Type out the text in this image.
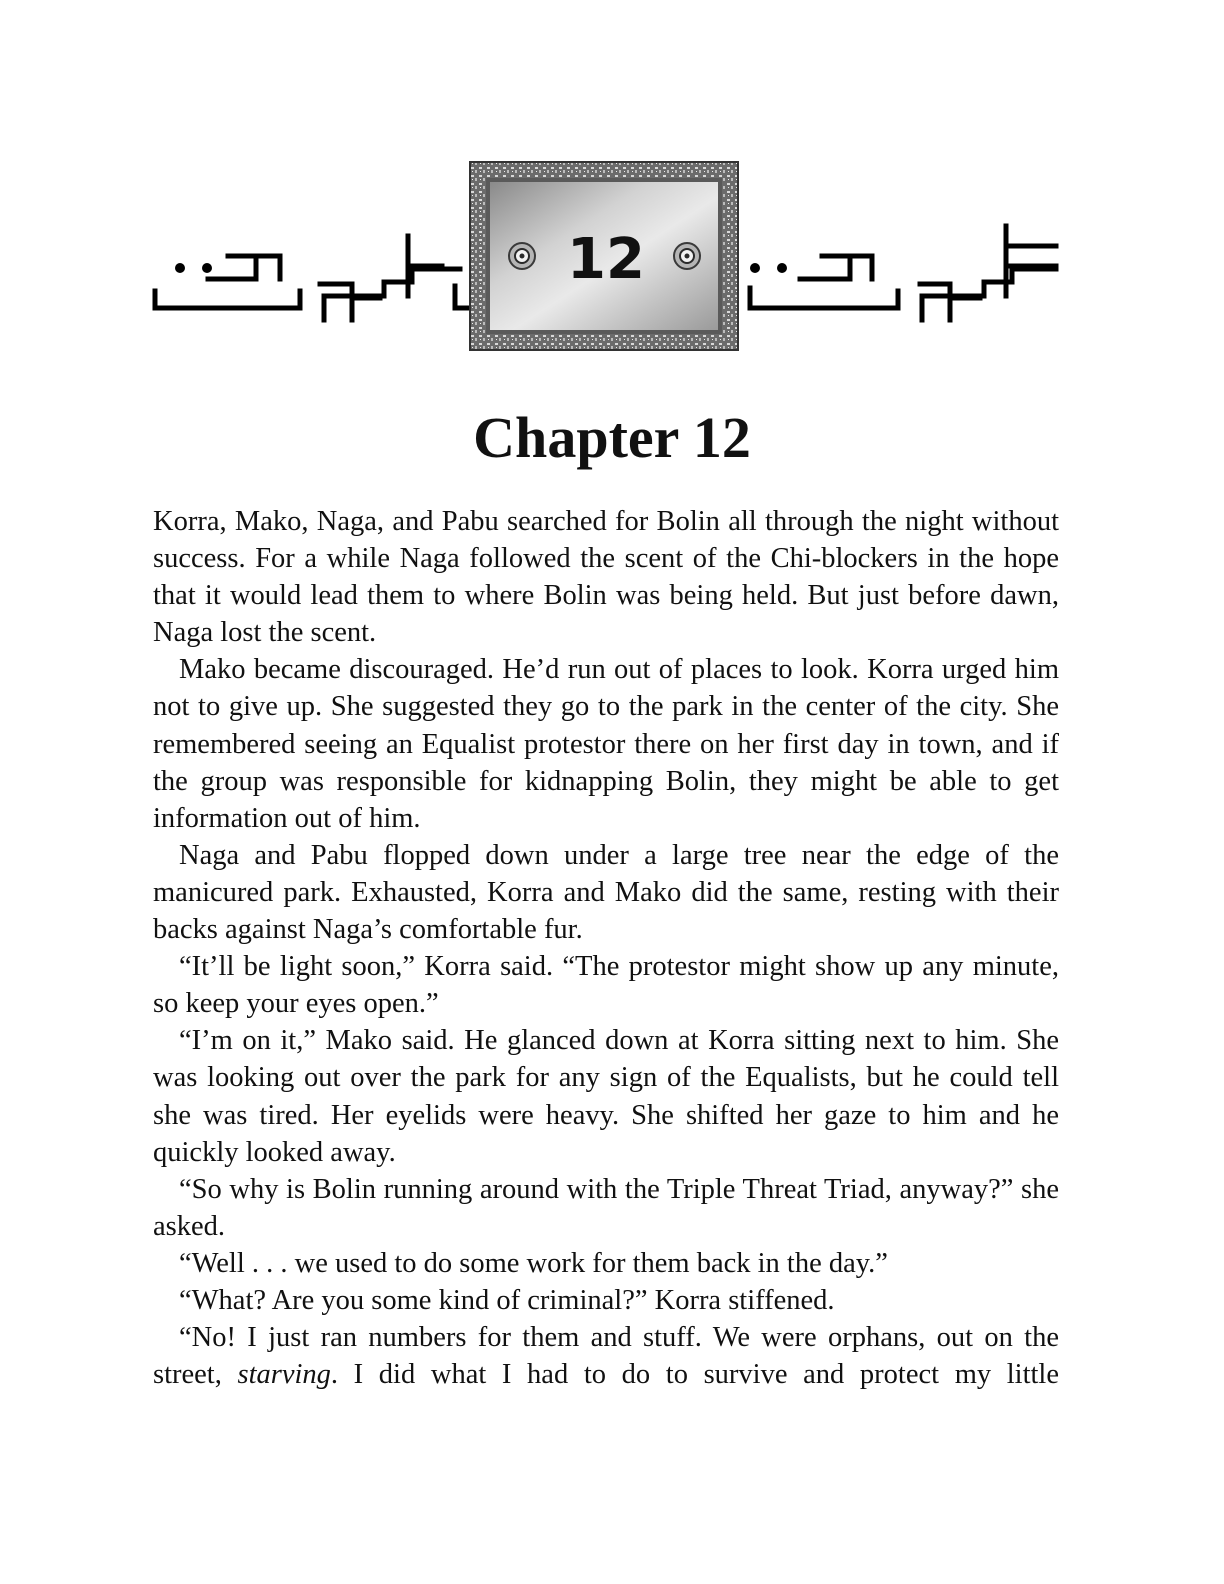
12
Chapter 12

Korra, Mako, Naga, and Pabu searched for Bolin all through the night without success. For a while Naga followed the scent of the Chi-blockers in the hope that it would lead them to where Bolin was being held. But just before dawn, Naga lost the scent.

Mako became discouraged. He’d run out of places to look. Korra urged him not to give up. She suggested they go to the park in the center of the city. She remembered seeing an Equalist protestor there on her first day in town, and if the group was responsible for kidnapping Bolin, they might be able to get information out of him.

Naga and Pabu flopped down under a large tree near the edge of the manicured park. Exhausted, Korra and Mako did the same, resting with their backs against Naga’s comfortable fur.

“It’ll be light soon,” Korra said. “The protestor might show up any minute, so keep your eyes open.”

“I’m on it,” Mako said. He glanced down at Korra sitting next to him. She was looking out over the park for any sign of the Equalists, but he could tell she was tired. Her eyelids were heavy. She shifted her gaze to him and he quickly looked away.

“So why is Bolin running around with the Triple Threat Triad, anyway?” she asked.

“Well . . . we used to do some work for them back in the day.”

“What? Are you some kind of criminal?” Korra stiffened.

“No! I just ran numbers for them and stuff. We were orphans, out on the street, starving. I did what I had to do to survive and protect my little
